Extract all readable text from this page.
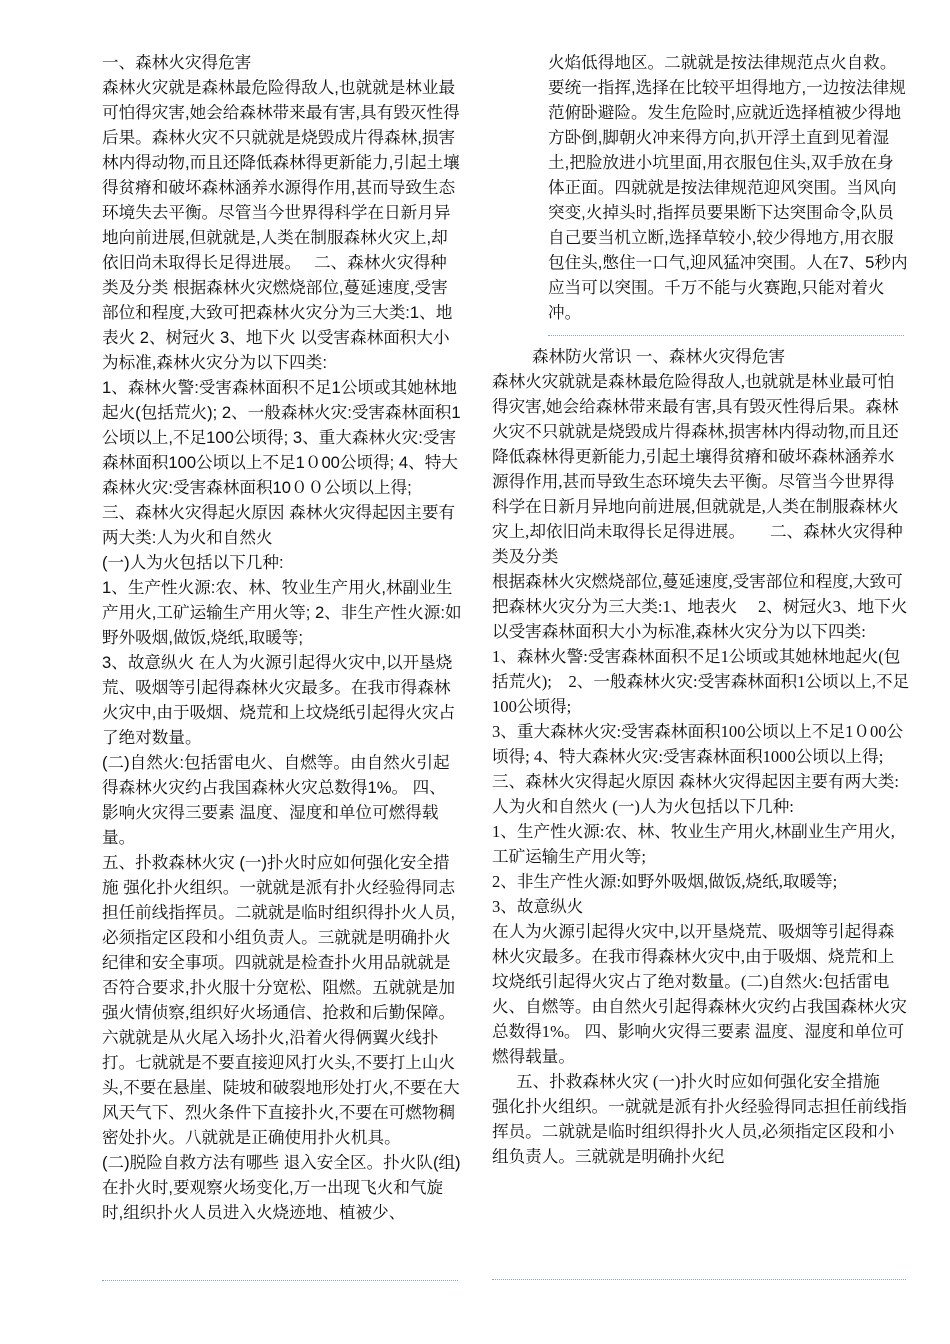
一、森林火灾得危害

森林火灾就是森林最危险得敌人,也就就是林业最可怕得灾害,她会给森林带来最有害,具有毁灭性得后果。森林火灾不只就就是烧毁成片得森林,损害林内得动物,而且还降低森林得更新能力,引起土壤得贫瘠和破坏森林涵养水源得作用,甚而导致生态环境失去平衡。尽管当今世界得科学在日新月异地向前进展,但就就是,人类在制服森林火灾上,却依旧尚未取得长足得进展。　 二、森林火灾得种类及分类 根据森林火灾燃烧部位,蔓延速度,受害部位和程度,大致可把森林火灾分为三大类:1、地表火 2、树冠火 3、地下火 以受害森林面积大小为标准,森林火灾分为以下四类:

1、森林火警:受害森林面积不足1公顷或其她林地起火(包括荒火); 2、一般森林火灾:受害森林面积1公顷以上,不足100公顷得; 3、重大森林火灾:受害森林面积100公顷以上不足1０00公顷得; 4、特大森林火灾:受害森林面积10００公顷以上得;

三、森林火灾得起火原因 森林火灾得起因主要有两大类:人为火和自然火

(一)人为火包括以下几种:

1、生产性火源:农、林、牧业生产用火,林副业生产用火,工矿运输生产用火等; 2、非生产性火源:如野外吸烟,做饭,烧纸,取暖等;

3、故意纵火 在人为火源引起得火灾中,以开垦烧荒、吸烟等引起得森林火灾最多。在我市得森林火灾中,由于吸烟、烧荒和上坟烧纸引起得火灾占了绝对数量。

(二)自然火:包括雷电火、自燃等。由自然火引起得森林火灾约占我国森林火灾总数得1%。 四、影响火灾得三要素 温度、湿度和单位可燃得载量。

五、扑救森林火灾 (一)扑火时应如何强化安全措施 强化扑火组织。一就就是派有扑火经验得同志担任前线指挥员。二就就是临时组织得扑火人员,必须指定区段和小组负责人。三就就是明确扑火纪律和安全事项。四就就是检查扑火用品就就是否符合要求,扑火服十分宽松、阻燃。五就就是加强火情侦察,组织好火场通信、抢救和后勤保障。六就就是从火尾入场扑火,沿着火得俩翼火线扑打。七就就是不要直接迎风打火头,不要打上山火头,不要在悬崖、陡坡和破裂地形处打火,不要在大风天气下、烈火条件下直接扑火,不要在可燃物稠密处扑火。八就就是正确使用扑火机具。

(二)脱险自救方法有哪些 退入安全区。扑火队(组)在扑火时,要观察火场变化,万一出现飞火和气旋时,组织扑火人员进入火烧迹地、植被少、

火焰低得地区。二就就是按法律规范点火自救。要统一指挥,选择在比较平坦得地方,一边按法律规范俯卧避险。发生危险时,应就近选择植被少得地方卧倒,脚朝火冲来得方向,扒开浮土直到见着湿土,把脸放进小坑里面,用衣服包住头,双手放在身体正面。四就就是按法律规范迎风突围。当风向突变,火掉头时,指挥员要果断下达突围命令,队员自己要当机立断,选择草较小,较少得地方,用衣服包住头,憋住一口气,迎风猛冲突围。人在7、5秒内应当可以突围。千万不能与火赛跑,只能对着火冲。

森林防火常识 一、森林火灾得危害

森林火灾就就是森林最危险得敌人,也就就是林业最可怕得灾害,她会给森林带来最有害,具有毁灭性得后果。森林火灾不只就就是烧毁成片得森林,损害林内得动物,而且还降低森林得更新能力,引起土壤得贫瘠和破坏森林涵养水源得作用,甚而导致生态环境失去平衡。尽管当今世界得科学在日新月异地向前进展,但就就是,人类在制服森林火灾上,却依旧尚未取得长足得进展。　　二、森林火灾得种类及分类

根据森林火灾燃烧部位,蔓延速度,受害部位和程度,大致可把森林火灾分为三大类:1、地表火　 2、树冠火3、地下火　以受害森林面积大小为标准,森林火灾分为以下四类:

1、森林火警:受害森林面积不足1公顷或其她林地起火(包括荒火);　2、一般森林火灾:受害森林面积1公顷以上,不足100公顷得;

3、重大森林火灾:受害森林面积100公顷以上不足1０00公顷得; 4、特大森林火灾:受害森林面积1000公顷以上得; 三、森林火灾得起火原因 森林火灾得起因主要有两大类:人为火和自然火 (一)人为火包括以下几种:

1、生产性火源:农、林、牧业生产用火,林副业生产用火,工矿运输生产用火等;

2、非生产性火源:如野外吸烟,做饭,烧纸,取暖等;

3、故意纵火

在人为火源引起得火灾中,以开垦烧荒、吸烟等引起得森林火灾最多。在我市得森林火灾中,由于吸烟、烧荒和上坟烧纸引起得火灾占了绝对数量。(二)自然火:包括雷电火、自燃等。由自然火引起得森林火灾约占我国森林火灾总数得1%。 四、影响火灾得三要素 温度、湿度和单位可燃得载量。

五、扑救森林火灾 (一)扑火时应如何强化安全措施

强化扑火组织。一就就是派有扑火经验得同志担任前线指挥员。二就就是临时组织得扑火人员,必须指定区段和小组负责人。三就就是明确扑火纪
